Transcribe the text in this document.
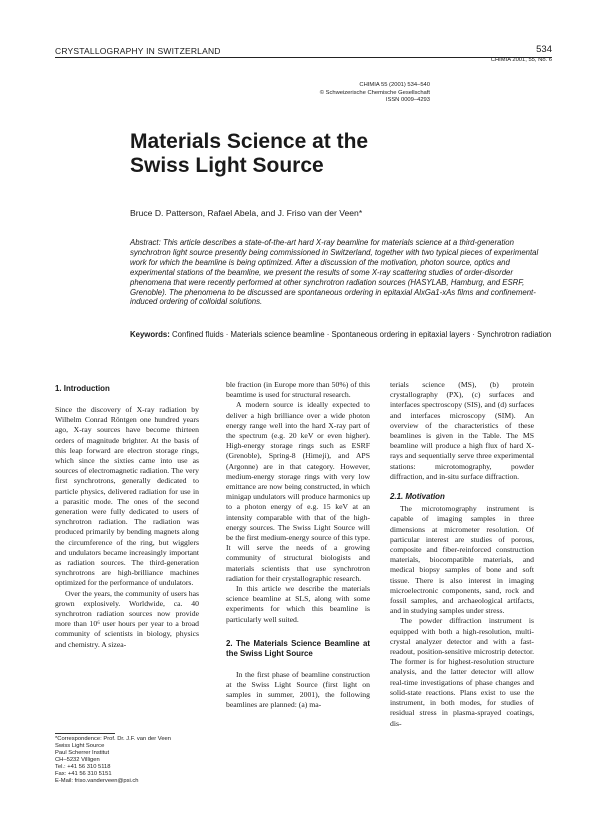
CRYSTALLOGRAPHY IN SWITZERLAND	534
CHIMIA 2001, 55, No. 6
CHIMIA 55 (2001) 534–540
© Schweizerische Chemische Gesellschaft
ISSN 0009–4293
Materials Science at the
Swiss Light Source
Bruce D. Patterson, Rafael Abela, and J. Friso van der Veen*
Abstract: This article describes a state-of-the-art hard X-ray beamline for materials science at a third-generation synchrotron light source presently being commissioned in Switzerland, together with two typical pieces of experimental work for which the beamline is being optimized. After a discussion of the motivation, photon source, optics and experimental stations of the beamline, we present the results of some X-ray scattering studies of order-disorder phenomena that were recently performed at other synchrotron radiation sources (HASYLAB, Hamburg, and ESRF, Grenoble). The phenomena to be discussed are spontaneous ordering in epitaxial AlxGa1-xAs films and confinement-induced ordering of colloidal solutions.
Keywords: Confined fluids · Materials science beamline · Spontaneous ordering in epitaxial layers · Synchrotron radiation
1. Introduction

Since the discovery of X-ray radiation by Wilhelm Conrad Röntgen one hundred years ago, X-ray sources have become thirteen orders of magnitude brighter. At the basis of this leap forward are electron storage rings, which since the sixties came into use as sources of electromagnetic radiation. The very first synchrotrons, generally dedicated to particle physics, delivered radiation for use in a parasitic mode. The ones of the second generation were fully dedicated to users of synchrotron radiation. The radiation was produced primarily by bending magnets along the circumference of the ring, but wigglers and undulators became increasingly important as radiation sources. The third-generation synchrotrons are high-brilliance machines optimized for the performance of undulators.

Over the years, the community of users has grown explosively. Worldwide, ca. 40 synchrotron radiation sources now provide more than 10⁶ user hours per year to a broad community of scientists in biology, physics and chemistry. A sizea-

ble fraction (in Europe more than 50%) of this beamtime is used for structural research.

A modern source is ideally expected to deliver a high brilliance over a wide photon energy range well into the hard X-ray part of the spectrum (e.g. 20 keV or even higher). High-energy storage rings such as ESRF (Grenoble), Spring-8 (Himeji), and APS (Argonne) are in that category. However, medium-energy storage rings with very low emittance are now being constructed, in which minigap undulators will produce harmonics up to a photon energy of e.g. 15 keV at an intensity comparable with that of the high-energy sources. The Swiss Light Source will be the first medium-energy source of this type. It will serve the needs of a growing community of structural biologists and materials scientists that use synchrotron radiation for their crystallographic research.

In this article we describe the materials science beamline at SLS, along with some experiments for which this beamline is particularly well suited.

2. The Materials Science Beamline at the Swiss Light Source

In the first phase of beamline construction at the Swiss Light Source (first light on samples in summer, 2001), the following beamlines are planned: (a) ma-

terials science (MS), (b) protein crystallography (PX), (c) surfaces and interfaces spectroscopy (SIS), and (d) surfaces and interfaces microscopy (SIM). An overview of the characteristics of these beamlines is given in the Table. The MS beamline will produce a high flux of hard X-rays and sequentially serve three experimental stations: microtomography, powder diffraction, and in-situ surface diffraction.

2.1. Motivation

The microtomography instrument is capable of imaging samples in three dimensions at micrometer resolution. Of particular interest are studies of porous, composite and fiber-reinforced construction materials, biocompatible materials, and medical biopsy samples of bone and soft tissue. There is also interest in imaging microelectronic components, sand, rock and fossil samples, and archaeological artifacts, and in studying samples under stress.

The powder diffraction instrument is equipped with both a high-resolution, multi-crystal analyzer detector and with a fast-readout, position-sensitive microstrip detector. The former is for highest-resolution structure analysis, and the latter detector will allow real-time investigations of phase changes and solid-state reactions. Plans exist to use the instrument, in both modes, for studies of residual stress in plasma-sprayed coatings, dis-

*Correspondence: Prof. Dr. J.F. van der Veen
Swiss Light Source
Paul Scherrer Institut
CH–5232 Villigen
Tel.: +41 56 310 5118
Fax: +41 56 310 5151
E-Mail: friso.vanderveen@psi.ch
